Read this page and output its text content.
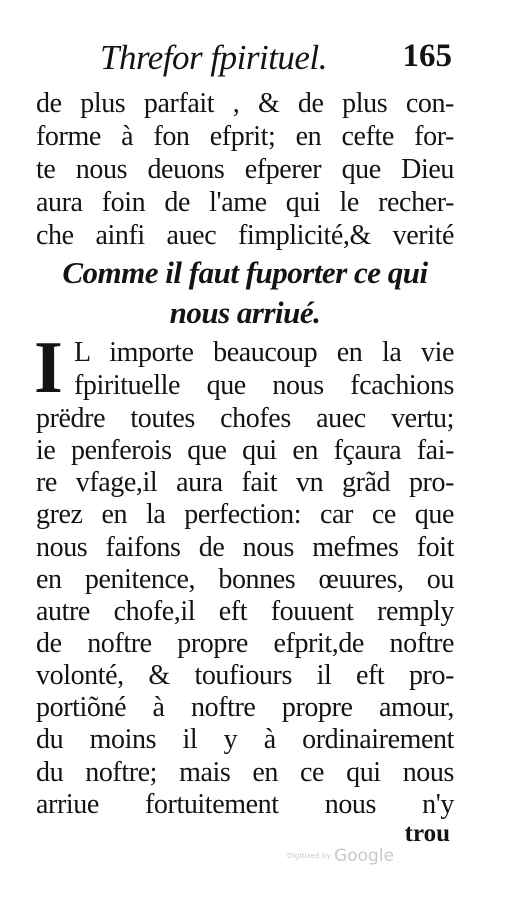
Threfor fpirituel. 165
de plus parfait , & de plus con-
forme à fon efprit; en cefte for-
te nous deuons efperer que Dieu
aura foin de l'ame qui le recher-
che ainfi auec fimplicité,& verité
Comme il faut fuporter ce qui
nous arriué.
I L importe beaucoup en la vie
fpirituelle que nous fcachions
prëdre toutes chofes auec vertu;
ie penferois que qui en fçaura fai-
re vfage,il aura fait vn grãd pro-
grez en la perfection: car ce que
nous faifons de nous mefmes foit
en penitence, bonnes œuures, ou
autre chofe,il eft fouuent remply
de noftre propre efprit,de noftre
volonté, & toufiours il eft pro-
portiõné à noftre propre amour,
du moins il y à ordinairement
du noftre; mais en ce qui nous
arriue fortuitement nous n'y
trou
Digitized by Google
